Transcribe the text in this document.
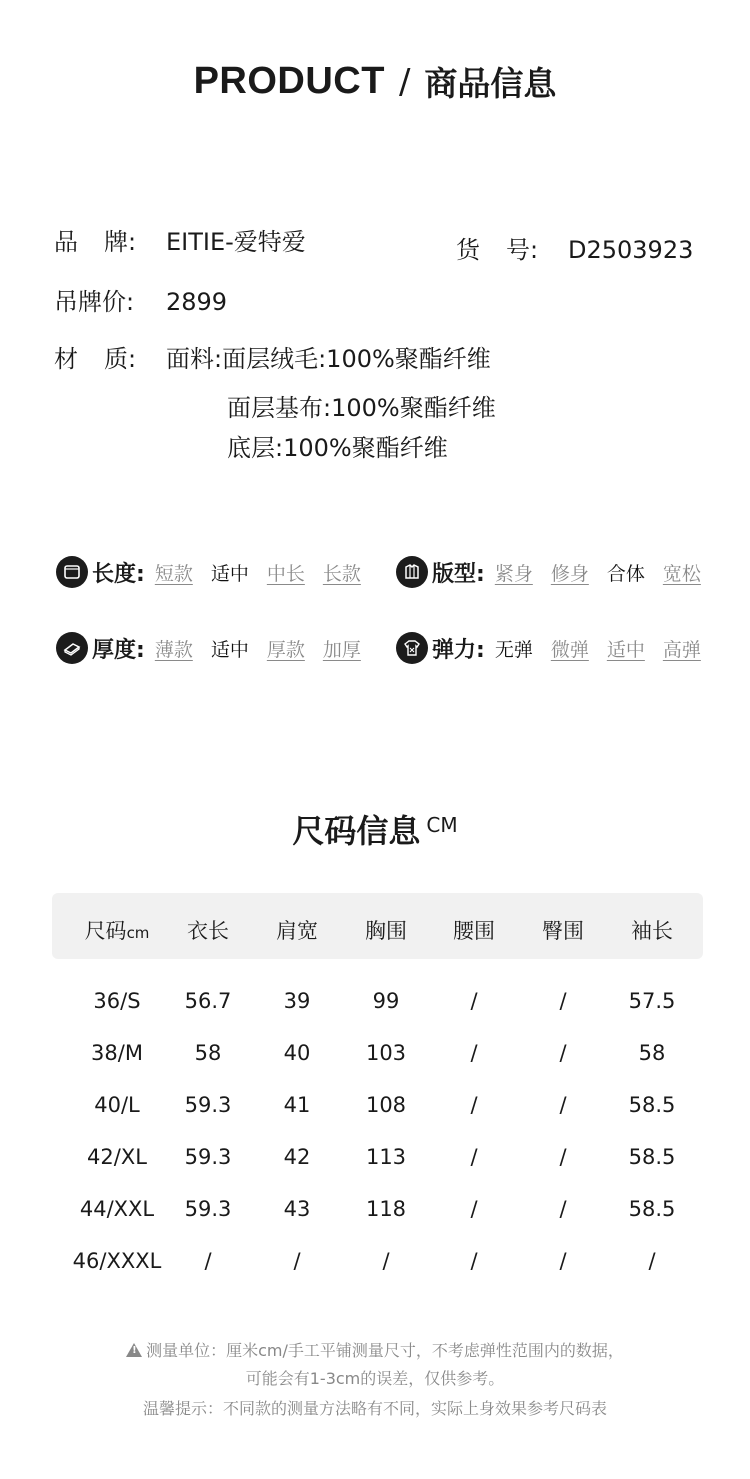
PRODUCT / 商品信息
品牌: EITIE-爱特爱	货号: D2503923
吊牌价: 2899
材质: 面料:面层绒毛:100%聚酯纤维
面层基布:100%聚酯纤维
底层:100%聚酯纤维
长度: 短款 适中 中长 长款	版型: 紧身 修身 合体 宽松
厚度: 薄款 适中 厚款 加厚	弹力: 无弹 微弹 适中 高弹
尺码信息 CM
尺码cm	衣长	肩宽	胸围	腰围	臀围	袖长
36/S	56.7	39	99	/	/	57.5
38/M	58	40	103	/	/	58
40/L	59.3	41	108	/	/	58.5
42/XL	59.3	42	113	/	/	58.5
44/XXL	59.3	43	118	/	/	58.5
46/XXXL	/	/	/	/	/	/
!测量单位：厘米cm/手工平铺测量尺寸，不考虑弹性范围内的数据，
可能会有1-3cm的误差，仅供参考。
温馨提示：不同款的测量方法略有不同，实际上身效果参考尺码表
